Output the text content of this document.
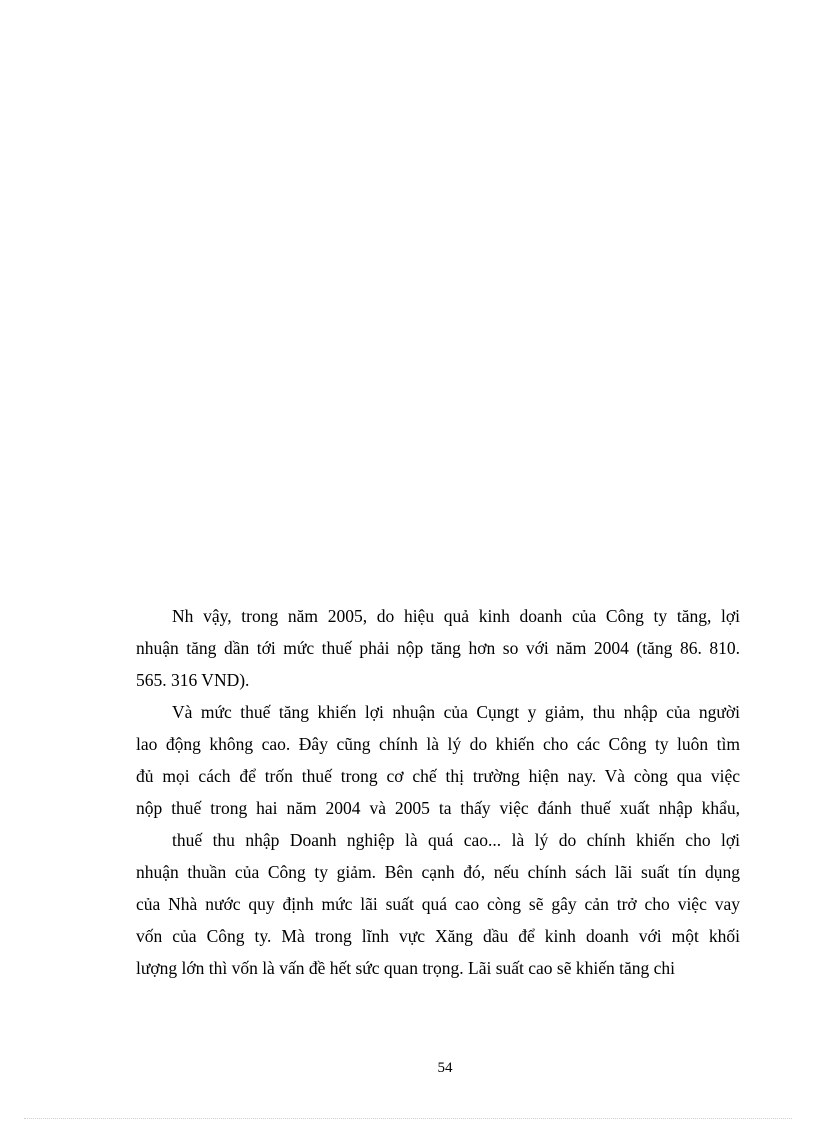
Nh vậy, trong năm 2005, do hiệu quả kinh doanh của Công ty tăng, lợi
nhuận tăng dần tới mức thuế phải nộp tăng hơn so với năm 2004 (tăng 86. 810.
565. 316 VND).
Và mức thuế tăng khiến lợi nhuận của Cụngt y giảm, thu nhập của người
lao động không cao. Đây cũng chính là lý do khiến cho các Công ty luôn tìm
đủ mọi cách để trốn thuế trong cơ chế thị trường hiện nay. Và còng qua việc
nộp thuế trong hai năm 2004 và 2005 ta thấy việc đánh thuế xuất nhập khẩu,
thuế thu nhập Doanh nghiệp là quá cao... là lý do chính khiến cho lợi
nhuận thuần của Công ty giảm. Bên cạnh đó, nếu chính sách lãi suất tín dụng
của Nhà nước quy định mức lãi suất quá cao còng sẽ gây cản trở cho việc vay
vốn của Công ty. Mà trong lĩnh vực Xăng dầu để kinh doanh với một khối
lượng lớn thì vốn là vấn đề hết sức quan trọng. Lãi suất cao sẽ khiến tăng chi
54
